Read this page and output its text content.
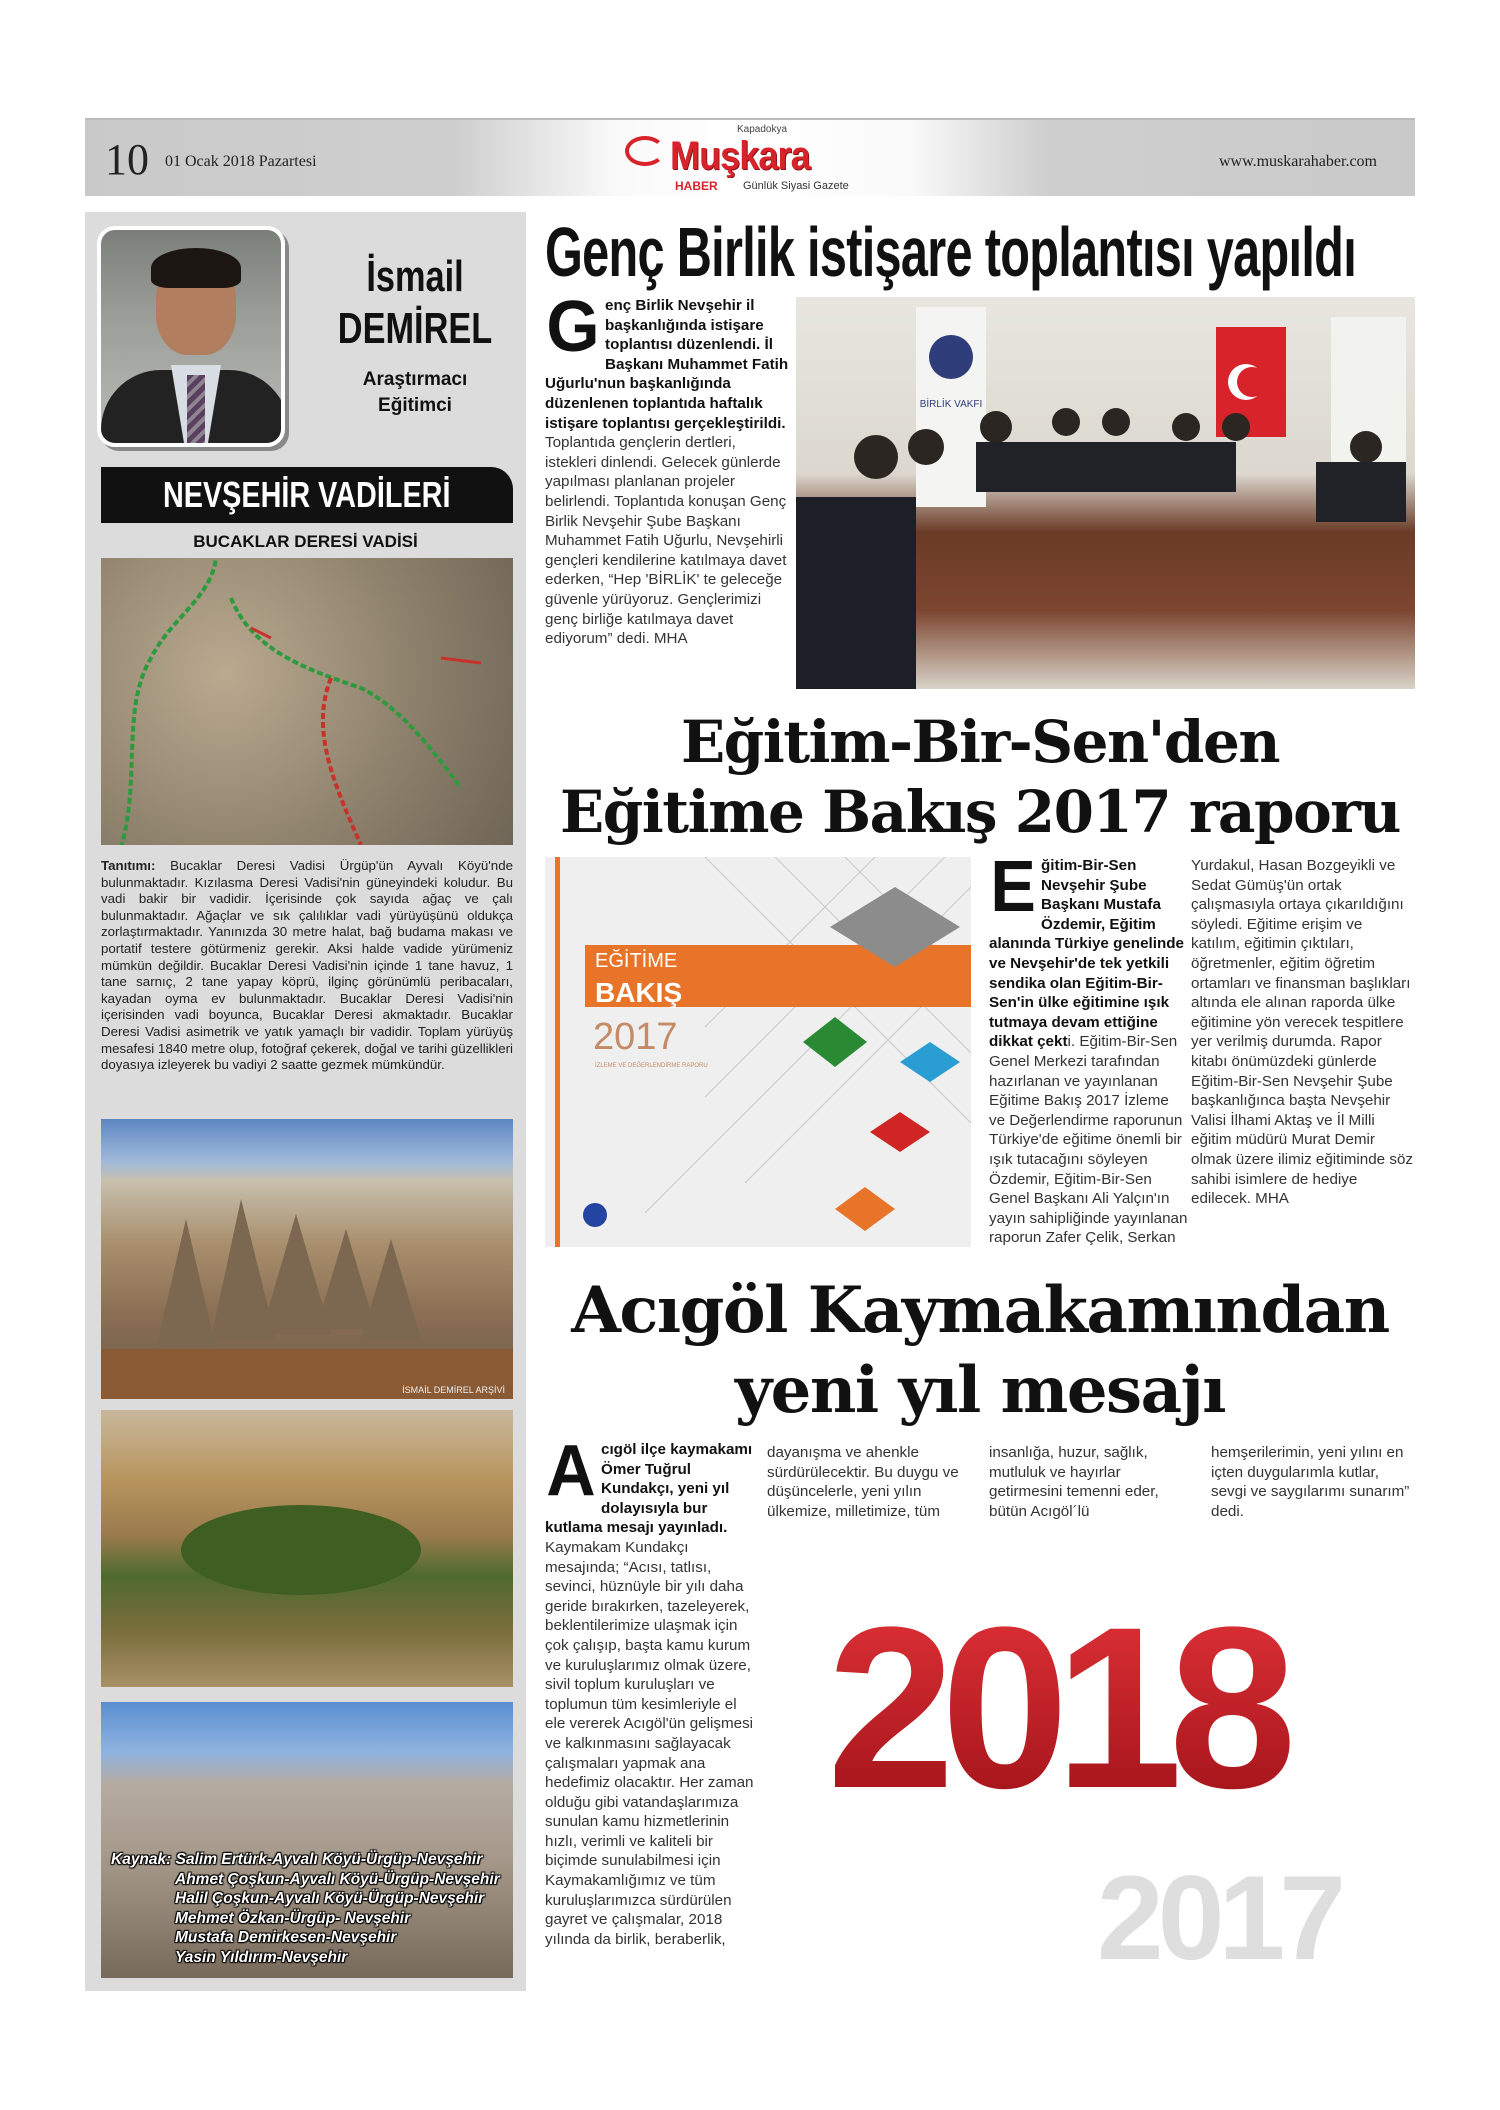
10 01 Ocak 2018 Pazartesi
Kapadokya
Muşkara
HABER Günlük Siyasi Gazete
www.muskarahaber.com
İsmail
DEMİREL
Araştırmacı
Eğitimci
NEVŞEHİR VADİLERİ
BUCAKLAR DERESİ VADİSİ
Tanıtımı: Bucaklar Deresi Vadisi Ürgüp'ün Ayvalı Köyü'nde bulunmaktadır. Kızılasma Deresi Vadisi'nin güneyindeki koludur. Bu vadi bakir bir vadidir. İçerisinde çok sayıda ağaç ve çalı bulunmaktadır. Ağaçlar ve sık çalılıklar vadi yürüyüşünü oldukça zorlaştırmaktadır. Yanınızda 30 metre halat, bağ budama makası ve portatif testere götürmeniz gerekir. Aksi halde vadide yürümeniz mümkün değildir. Bucaklar Deresi Vadisi'nin içinde 1 tane havuz, 1 tane sarnıç, 2 tane yapay köprü, ilginç görünümlü peribacaları, kayadan oyma ev bulunmaktadır. Bucaklar Deresi Vadisi'nin içerisinden vadi boyunca, Bucaklar Deresi akmaktadır. Bucaklar Deresi Vadisi asimetrik ve yatık yamaçlı bir vadidir. Toplam yürüyüş mesafesi 1840 metre olup, fotoğraf çekerek, doğal ve tarihi güzellikleri doyasıya izleyerek bu vadiyi 2 saatte gezmek mümkündür.
İSMAİL DEMİREL ARŞİVİ
Kaynak: Salim Ertürk-Ayvalı Köyü-Ürgüp-Nevşehir
Ahmet Çoşkun-Ayvalı Köyü-Ürgüp-Nevşehir
Halil Çoşkun-Ayvalı Köyü-Ürgüp-Nevşehir
Mehmet Özkan-Ürgüp- Nevşehir
Mustafa Demirkesen-Nevşehir
Yasin Yıldırım-Nevşehir
Genç Birlik istişare toplantısı yapıldı
Genç Birlik Nevşehir il başkanlığında istişare toplantısı düzenlendi. İl Başkanı Muhammet Fatih Uğurlu'nun başkanlığında düzenlenen toplantıda haftalık istişare toplantısı gerçekleştirildi. Toplantıda gençlerin dertleri, istekleri dinlendi. Gelecek günlerde yapılması planlanan projeler belirlendi. Toplantıda konuşan Genç Birlik Nevşehir Şube Başkanı Muhammet Fatih Uğurlu, Nevşehirli gençleri kendilerine katılmaya davet ederken, “Hep 'BİRLİK' te geleceğe güvenle yürüyoruz. Gençlerimizi genç birliğe katılmaya davet ediyorum” dedi. MHA
BİRLİK VAKFI
Eğitim-Bir-Sen'den
Eğitime Bakış 2017 raporu
EĞİTİME
BAKIŞ
2017
İZLEME VE DEĞERLENDİRME RAPORU
Eğitim-Bir-Sen Nevşehir Şube Başkanı Mustafa Özdemir, Eğitim alanında Türkiye genelinde ve Nevşehir'de tek yetkili sendika olan Eğitim-Bir-Sen'in ülke eğitimine ışık tutmaya devam ettiğine dikkat çekti. Eğitim-Bir-Sen Genel Merkezi tarafından hazırlanan ve yayınlanan Eğitime Bakış 2017 İzleme ve Değerlendirme raporunun Türkiye'de eğitime önemli bir ışık tutacağını söyleyen Özdemir, Eğitim-Bir-Sen Genel Başkanı Ali Yalçın'ın yayın sahipliğinde yayınlanan raporun Zafer Çelik, Serkan
Yurdakul, Hasan Bozgeyikli ve Sedat Gümüş'ün ortak çalışmasıyla ortaya çıkarıldığını söyledi. Eğitime erişim ve katılım, eğitimin çıktıları, öğretmenler, eğitim öğretim ortamları ve finansman başlıkları altında ele alınan raporda ülke eğitimine yön verecek tespitlere yer verilmiş durumda. Rapor kitabı önümüzdeki günlerde Eğitim-Bir-Sen Nevşehir Şube başkanlığınca başta Nevşehir Valisi İlhami Aktaş ve İl Milli eğitim müdürü Murat Demir olmak üzere ilimiz eğitiminde söz sahibi isimlere de hediye edilecek. MHA
Acıgöl Kaymakamından
yeni yıl mesajı
Acıgöl ilçe kaymakamı Ömer Tuğrul Kundakçı, yeni yıl dolayısıyla bur kutlama mesajı yayınladı. Kaymakam Kundakçı mesajında; “Acısı, tatlısı, sevinci, hüznüyle bir yılı daha geride bırakırken, tazeleyerek, beklentilerimize ulaşmak için çok çalışıp, başta kamu kurum ve kuruluşlarımız olmak üzere, sivil toplum kuruluşları ve toplumun tüm kesimleriyle el ele vererek Acıgöl'ün gelişmesi ve kalkınmasını sağlayacak çalışmaları yapmak ana hedefimiz olacaktır. Her zaman olduğu gibi vatandaşlarımıza sunulan kamu hizmetlerinin hızlı, verimli ve kaliteli bir biçimde sunulabilmesi için Kaymakamlığımız ve tüm kuruluşlarımızca sürdürülen gayret ve çalışmalar, 2018 yılında da birlik, beraberlik,
dayanışma ve ahenkle sürdürülecektir. Bu duygu ve düşüncelerle, yeni yılın ülkemize, milletimize, tüm
insanlığa, huzur, sağlık, mutluluk ve hayırlar getirmesini temenni eder, bütün Acıgöl´lü
hemşerilerimin, yeni yılını en içten duygularımla kutlar, sevgi ve saygılarımı sunarım” dedi.
2018
2017
